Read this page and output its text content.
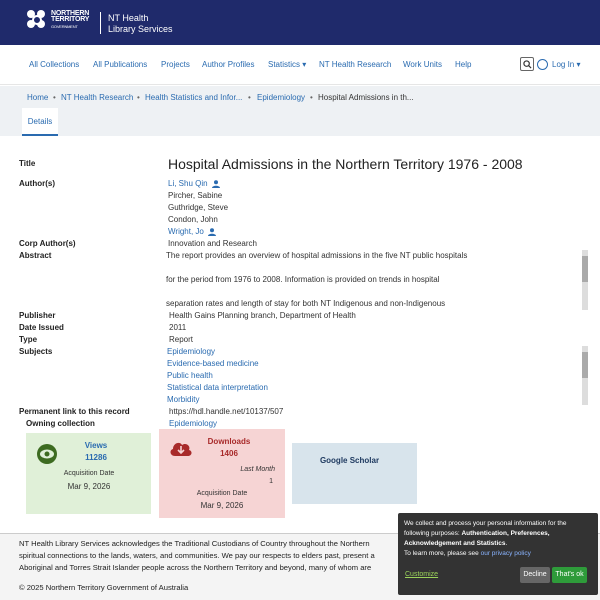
NORTHERN
TERRITORY
GOVERNMENT
NT Health
Library Services
All Collections All Publications Projects Author Profiles Statistics ▾ NT Health Research Work Units Help	Log In ▾
Home • NT Health Research • Health Statistics and Infor... • Epidemiology • Hospital Admissions in th...
Details
Title	Hospital Admissions in the Northern Territory 1976 - 2008
Author(s)	Li, Shu Qin
Pircher, Sabine
Guthridge, Steve
Condon, John
Wright, Jo
Corp Author(s)	Innovation and Research
Abstract	The report provides an overview of hospital admissions in the five NT public hospitals
for the period from 1976 to 2008. Information is provided on trends in hospital
separation rates and length of stay for both NT Indigenous and non-Indigenous
Publisher	Health Gains Planning branch, Department of Health
Date Issued	2011
Type	Report
Subjects	Epidemiology
Evidence-based medicine
Public health
Statistical data interpretation
Morbidity
Permanent link to this record	https://hdl.handle.net/10137/507
Owning collection	Epidemiology
Views
11286
Acquisition Date
Mar 9, 2026
Downloads
1406
Last Month
1
Acquisition Date
Mar 9, 2026
Google Scholar
NT Health Library Services acknowledges the Traditional Custodians of Country throughout the Northern
spiritual connections to the lands, waters, and communities. We pay our respects to elders past, present a
Aboriginal and Torres Strait Islander people across the Northern Territory and beyond, many of whom are
© 2025 Northern Territory Government of Australia
We collect and process your personal information for the following purposes: Authentication, Preferences, Acknowledgement and Statistics.
To learn more, please see our privacy policy
Customize	Decline	That's ok
